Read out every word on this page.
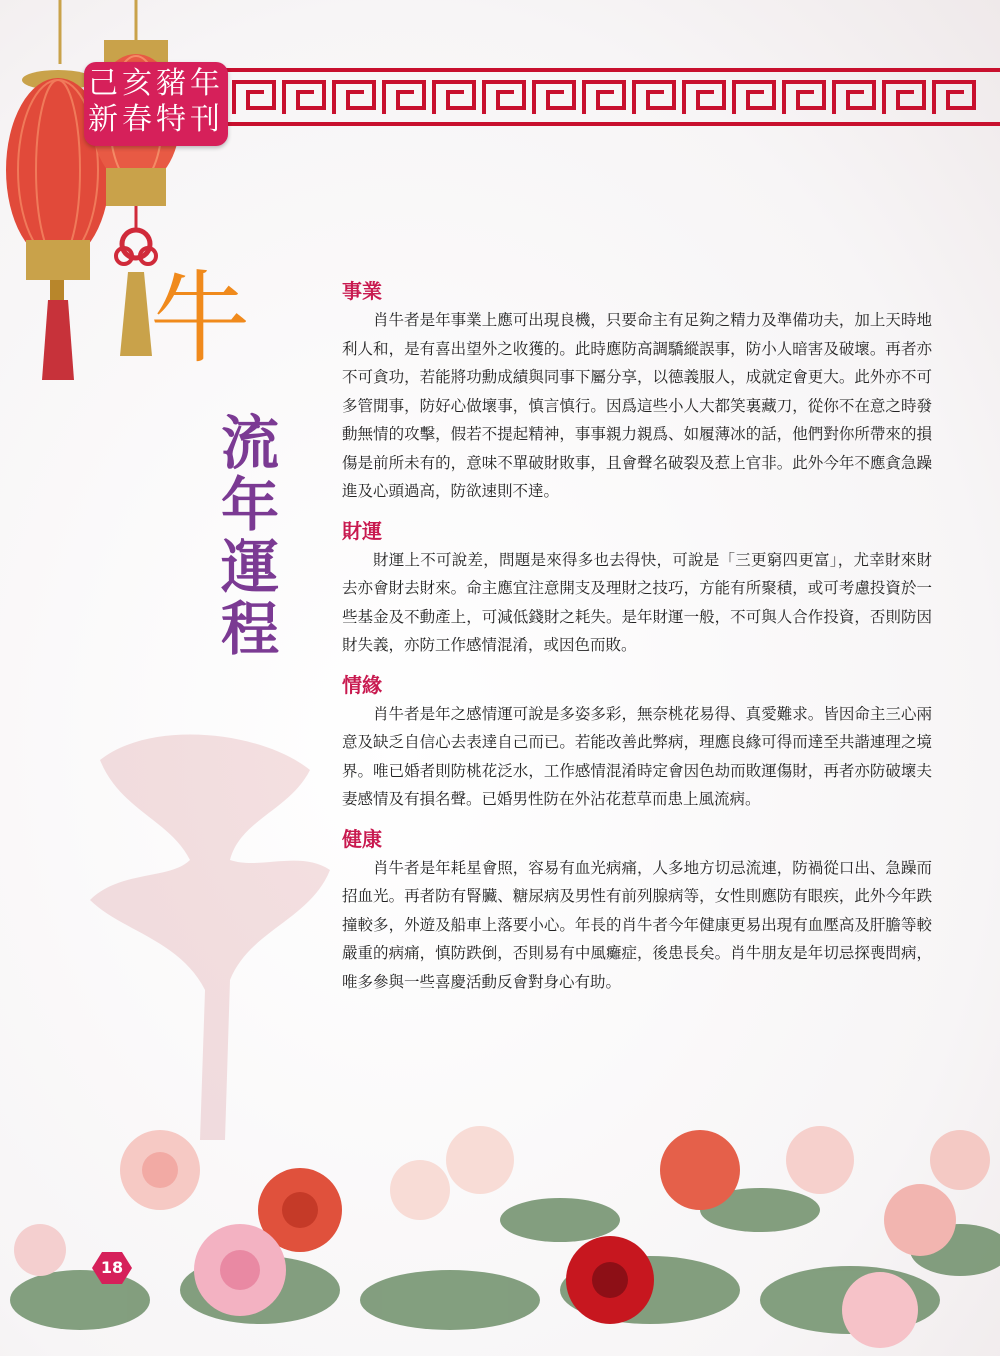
己亥豬年
新春特刊
牛
流
年
運
程
事業

肖牛者是年事業上應可出現良機，只要命主有足夠之精力及準備功夫，加上天時地利人和，是有喜出望外之收獲的。此時應防高調驕縱誤事，防小人暗害及破壞。再者亦不可貪功，若能將功勳成績與同事下屬分享，以德義服人，成就定會更大。此外亦不可多管閒事，防好心做壞事，慎言慎行。因爲這些小人大都笑裏藏刀，從你不在意之時發動無情的攻擊，假若不提起精神，事事親力親爲、如履薄冰的話，他們對你所帶來的損傷是前所未有的，意味不單破財敗事，且會聲名破裂及惹上官非。此外今年不應貪急躁進及心頭過高，防欲速則不達。

財運

財運上不可說差，問題是來得多也去得快，可說是「三更窮四更富」，尤幸財來財去亦會財去財來。命主應宜注意開支及理財之技巧，方能有所聚積，或可考慮投資於一些基金及不動產上，可減低錢財之耗失。是年財運一般，不可與人合作投資，否則防因財失義，亦防工作感情混淆，或因色而敗。

情緣

肖牛者是年之感情運可說是多姿多彩，無奈桃花易得、真愛難求。皆因命主三心兩意及缺乏自信心去表達自己而已。若能改善此弊病，理應良緣可得而達至共諧連理之境界。唯已婚者則防桃花泛水，工作感情混淆時定會因色劫而敗運傷財，再者亦防破壞夫妻感情及有損名聲。已婚男性防在外沾花惹草而患上風流病。

健康

肖牛者是年耗星會照，容易有血光病痛，人多地方切忌流連，防禍從口出、急躁而招血光。再者防有腎臟、糖尿病及男性有前列腺病等，女性則應防有眼疾，此外今年跌撞較多，外遊及船車上落要小心。年長的肖牛者今年健康更易出現有血壓高及肝膽等較嚴重的病痛，慎防跌倒，否則易有中風癱症，後患長矣。肖牛朋友是年切忌探喪問病，唯多參與一些喜慶活動反會對身心有助。

18
